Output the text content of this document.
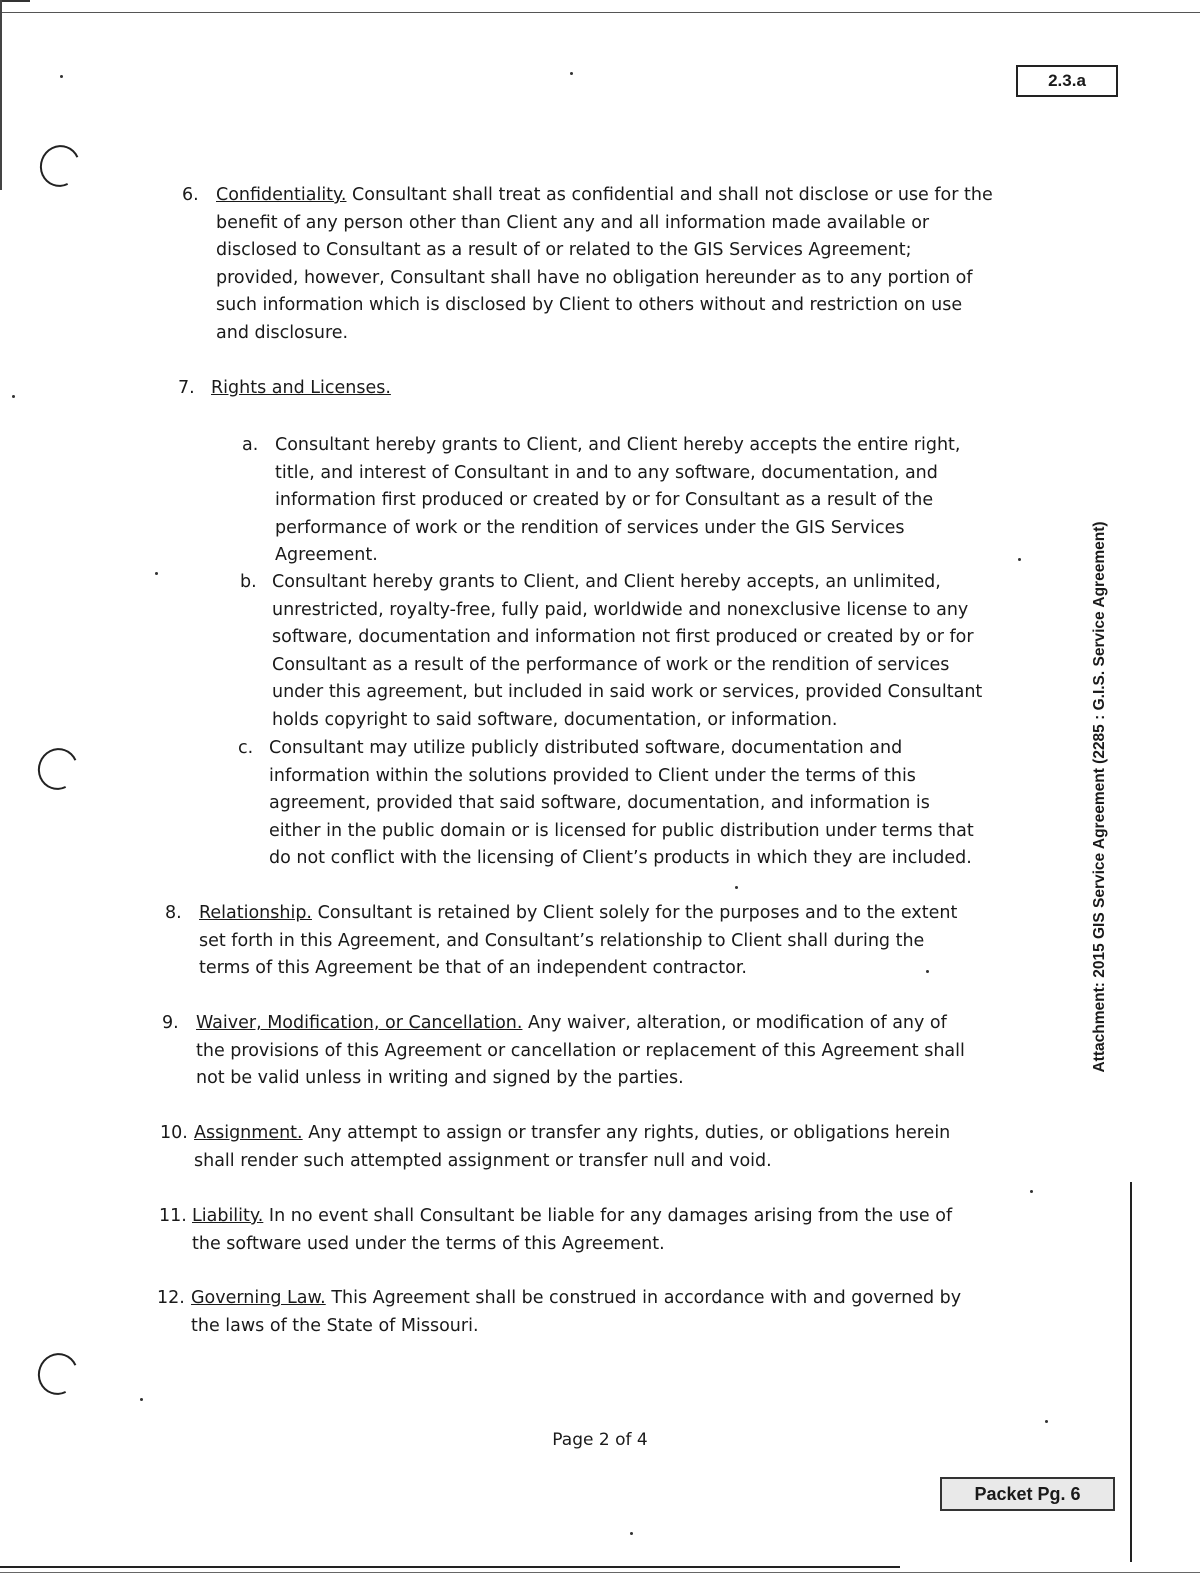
2.3.a
Attachment: 2015 GIS Service Agreement (2285 : G.I.S. Service Agreement)
6. Confidentiality. Consultant shall treat as confidential and shall not disclose or use for the

benefit of any person other than Client any and all information made available or

disclosed to Consultant as a result of or related to the GIS Services Agreement;

provided, however, Consultant shall have no obligation hereunder as to any portion of

such information which is disclosed by Client to others without and restriction on use

and disclosure.

7. Rights and Licenses.

a. Consultant hereby grants to Client, and Client hereby accepts the entire right,

title, and interest of Consultant in and to any software, documentation, and

information first produced or created by or for Consultant as a result of the

performance of work or the rendition of services under the GIS Services

Agreement.

b. Consultant hereby grants to Client, and Client hereby accepts, an unlimited,

unrestricted, royalty-free, fully paid, worldwide and nonexclusive license to any

software, documentation and information not first produced or created by or for

Consultant as a result of the performance of work or the rendition of services

under this agreement, but included in said work or services, provided Consultant

holds copyright to said software, documentation, or information.

c. Consultant may utilize publicly distributed software, documentation and

information within the solutions provided to Client under the terms of this

agreement, provided that said software, documentation, and information is

either in the public domain or is licensed for public distribution under terms that

do not conflict with the licensing of Client’s products in which they are included.

8. Relationship. Consultant is retained by Client solely for the purposes and to the extent

set forth in this Agreement, and Consultant’s relationship to Client shall during the

terms of this Agreement be that of an independent contractor.

9. Waiver, Modification, or Cancellation. Any waiver, alteration, or modification of any of

the provisions of this Agreement or cancellation or replacement of this Agreement shall

not be valid unless in writing and signed by the parties.

10. Assignment. Any attempt to assign or transfer any rights, duties, or obligations herein

shall render such attempted assignment or transfer null and void.

11. Liability. In no event shall Consultant be liable for any damages arising from the use of

the software used under the terms of this Agreement.

12. Governing Law. This Agreement shall be construed in accordance with and governed by

the laws of the State of Missouri.

Page 2 of 4
Packet Pg. 6
